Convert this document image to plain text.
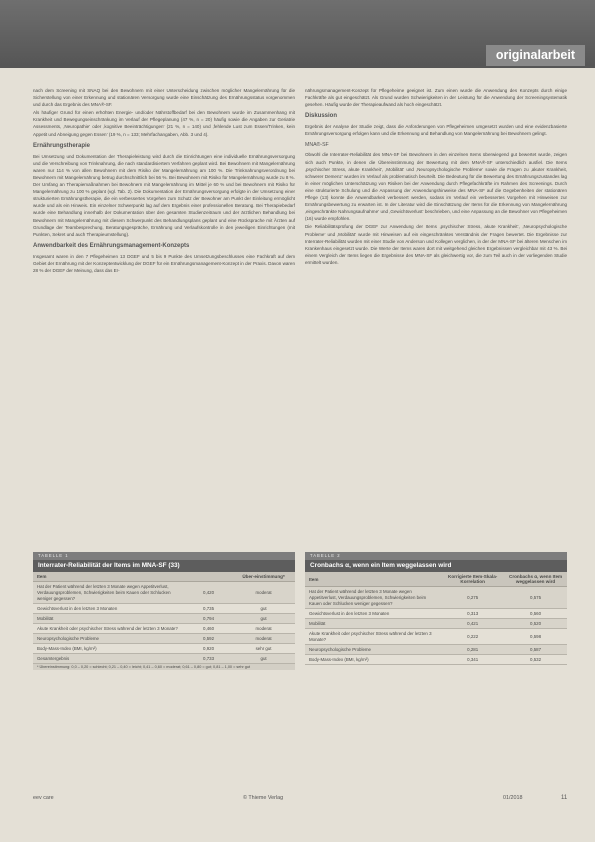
originalarbeit

nach dem Screening mit SNAQ bei den Bewohnern mit einer Unterscheidung zwischen möglicher Mangelernährung für die Sicherstellung von einer Erkennung und stationären Versorgung wurde eine Einschätzung des Ernährungsstatus vorgenommen und durch das Ergebnis des MNA®-SF.

Als häufiger Grund für einen erhöhten Energie- und/oder Nährstoffbedarf bei den Bewohnern wurde im Zusammenhang mit Krankheit und Bewegungseinschränkung im Verlauf der Pflegeplanung (47 %, n = 20) häufig sowie die Angaben zur Geriatrie Assessments, ‚Neuropathie‘ oder ‚kognitive Beeinträchtigungen‘ (21 %, n = 140) und ‚fehlende Lust zum Essen/Trinken, kein Appetit und Abneigung gegen Essen‘ (19 %, n = 133; Mehrfachangaben, Abb. 3 und 4).

Ernährungstherapie

Bei Umsetzung und Dokumentation der Therapieleistung wird durch die Einrichtungen eine individuelle Ernährungsversorgung und die Verschreibung von Trinknahrung, die nach standardisiertem Verfahren geplant wird. Bei Bewohnern mit Mangelernährung waren nur 114 % von allen Bewohnern mit dem Risiko der Mangelernährung am 100 %. Die Trinknahrungsverordnung bei Bewohnern mit Mangelernährung betrug durchschnittlich bei 56 %. Bei Bewohnern mit Risiko für Mangelernährung wurde zu 8 %. Der Umfang an Therapiemaßnahmen bei Bewohnern mit Mangelernährung im Mittel je 60 % und bei Bewohnern mit Risiko für Mangelernährung zu 100 % geplant (vgl. Tab. 2). Die Dokumentation der Ernährungsversorgung erfolgte in der Umsetzung einer strukturierten Ernährungstherapie, die ein verbessertes Vorgehen zum Schutz der Bewohner am Punkt der Einleitung ermöglicht wurde und als ein Hinweis. Ein einzelner Schwerpunkt lag auf dem Ergebnis einer professionellen Beratung. Bei Therapiebedarf wurde eine Behandlung innerhalb der Dokumentation über den gesamten Studienzeitraum und der ärztlichen Behandlung bei Bewohnern mit Mangelernährung mit diesem Schwerpunkt des Behandlungsplans geplant und eine Rücksprache mit Ärzten auf Grundlage der Teambesprechung, Beratungsgespräche, Ernährung und Verlaufskontrolle in den jeweiligen Einrichtungen (mit Punkten, Sekret und auch Therapieumstellung).

Anwendbarkeit des Ernährungsmanagement-Konzepts

Insgesamt waren in den 7 Pflegeheimen 13 DGEF und 5 bis 9 Punkte des Umsetzungsbeschlusses eine Fachkraft auf dem Gebiet der Ernährung mit der Konzeptentwicklung der DGEF für ein Ernährungsmanagement-Konzept in der Praxis. Davon waren 28 % der DGEF der Meinung, dass das Er-

nährungsmanagement-Konzept für Pflegeheime geeignet ist. Zum einen wurde die Anwendung des Konzepts durch einige Fachkräfte als gut eingeschätzt. Als Grund wurden Schwierigkeiten in der Leistung für die Anwendung der Screeningsystematik gesehen. Häufig wurde der Therapieaufwand als hoch eingeschätzt.

Diskussion

Ergebnis der Analyse der Studie zeigt, dass die Anforderungen von Pflegeheimen umgesetzt wurden und eine evidenzbasierte Ernährungsversorgung erfolgen kann und die Erkennung und Behandlung von Mangelernährung bei Bewohnern gelingt.

MNA®-SF

Obwohl die Interrater-Reliabilität des MNA-SF bei Bewohnern in den einzelnen Items überwiegend gut bewertet wurde, zeigen sich auch Punkte, in denen die Übereinstimmung der Bewertung mit dem MNA®-SF unterschiedlich ausfiel. Die Items ‚psychischer Stress, akute Krankheit‘, ‚Mobilität‘ und ‚Neuropsychologische Probleme‘ sowie die Fragen zu ‚akuter Krankheit, schwerer Demenz‘ wurden im Verlauf als problematisch beurteilt. Die Bedeutung für die Bewertung des Ernährungszustandes lag in einer möglichen Unterschätzung von Risiken bei der Anwendung durch Pflegefachkräfte im Rahmen des Screenings. Durch eine strukturierte Schulung und die Anpassung der Anwendungshinweise des MNA-SF auf die Gegebenheiten der stationären Pflege (13) konnte die Anwendbarkeit verbessert werden, sodass im Verlauf ein verbessertes Vorgehen mit Hinweisen zur Ernährungsbewertung zu erwarten ist. In der Literatur wird die Einschätzung der Items für die Erkennung von Mangelernährung ‚eingeschränkte Nahrungsaufnahme‘ und ‚Gewichtsverlust‘ beschrieben, und eine Anpassung an die Bewohner von Pflegeheimen (16) wurde empfohlen.

Die Reliabilitätsprüfung der DGEF zur Anwendung der Items ‚psychischer Stress, akute Krankheit‘, ‚Neuropsychologische Probleme‘ und ‚Mobilität‘ wurde mit Hinweisen auf ein eingeschränktes Verständnis der Fragen bewertet. Die Ergebnisse zur Interrater-Reliabilität wurden mit einer Studie von Anderson und Kollegen verglichen, in der der MNA-SF bei älteren Menschen im Krankenhaus eingesetzt wurde. Die Werte der Items waren dort mit weitgehend gleichen Ergebnissen vergleichbar mit 43 %. Bei einem Vergleich der Items liegen die Ergebnisse des MNA-SF als gleichwertig vor, die zum Teil auch in der vorliegenden Studie ermittelt wurden.

TABELLE 1
Interrater-Reliabilität der Items im MNA-SF (33)
Item		Über-einstimmung*
Hat der Patient während der letzten 3 Monate wegen Appetitverlust, Verdauungsproblemen, Schwierigkeiten beim Kauen oder Schlucken weniger gegessen?	0,420	moderat
Gewichtsverlust in den letzten 3 Monaten	0,735	gut
Mobilität	0,794	gut
Akute Krankheit oder psychischer Stress während der letzten 3 Monate?	0,460	moderat
Neuropsychologische Probleme	0,592	moderat
Body-Mass-Index (BMI, kg/m²)	0,920	sehr gut
Gesamtergebnis	0,733	gut
* Übereinstimmung: 0,0 – 0,20 = schlecht; 0,21 – 0,40 = leicht; 0,41 – 0,60 = moderat; 0,61 – 0,80 = gut; 0,81 – 1,00 = sehr gut
TABELLE 2
Cronbachs α, wenn ein Item weggelassen wird
Item	Korrigierte Item-Skala-Korrelation	Cronbachs α, wenn Item weggelassen wird
Hat der Patient während der letzten 3 Monate wegen Appetitverlust, Verdauungsproblemen, Schwierigkeiten beim Kauen oder Schlucken weniger gegessen?	0,275	0,575
Gewichtsverlust in den letzten 3 Monaten	0,313	0,560
Mobilität	0,421	0,520
Akute Krankheit oder psychischer Stress während der letzten 3 Monate?	0,222	0,598
Neuropsychologische Probleme	0,281	0,587
Body-Mass-Index (BMI, kg/m²)	0,341	0,532
eev care	© Thieme Verlag	01/2018	11
